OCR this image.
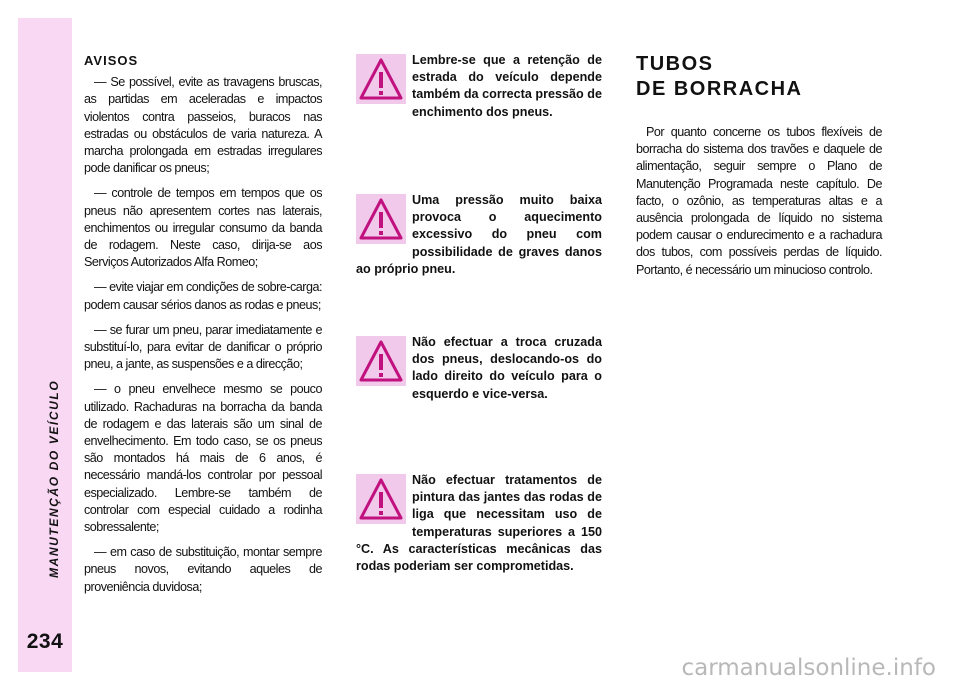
MANUTENÇÃO DO VEÍCULO
234
AVISOS

— Se possível, evite as travagens bruscas, as partidas em aceleradas e impactos violentos contra passeios, buracos nas estradas ou obstáculos de varia natureza. A marcha prolongada em estradas irregulares pode danificar os pneus;

— controle de tempos em tempos que os pneus não apresentem cortes nas laterais, enchimentos ou irregular consumo da banda de rodagem. Neste caso, dirija-se aos Serviços Autorizados Alfa Romeo;

— evite viajar em condições de sobre-carga: podem causar sérios danos as rodas e pneus;

— se furar um pneu, parar imediatamente e substituí-lo, para evitar de danificar o próprio pneu, a jante, as suspensões e a direcção;

— o pneu envelhece mesmo se pouco utilizado. Rachaduras na borracha da banda de rodagem e das laterais são um sinal de envelhecimento. Em todo caso, se os pneus são montados há mais de 6 anos, é necessário mandá-los controlar por pessoal especializado. Lembre-se também de controlar com especial cuidado a rodinha sobressalente;

— em caso de substituição, montar sempre pneus novos, evitando aqueles de proveniência duvidosa;

Lembre-se que a retenção de estrada do veículo depende também da correcta pressão de enchimento dos pneus.
Uma pressão muito baixa provoca o aquecimento excessivo do pneu com possibilidade de graves danos ao próprio pneu.
Não efectuar a troca cruzada dos pneus, deslocando-os do lado direito do veículo para o esquerdo e vice-versa.
Não efectuar tratamentos de pintura das jantes das rodas de liga que necessitam uso de temperaturas superiores a 150 °C. As características mecânicas das rodas poderiam ser comprometidas.
TUBOS
DE BORRACHA

Por quanto concerne os tubos flexíveis de borracha do sistema dos travões e daquele de alimentação, seguir sempre o Plano de Manutenção Programada neste capítulo. De facto, o ozônio, as temperaturas altas e a ausência prolongada de líquido no sistema podem causar o endurecimento e a rachadura dos tubos, com possíveis perdas de líquido. Portanto, é necessário um minucioso controlo.

carmanualsonline.info
